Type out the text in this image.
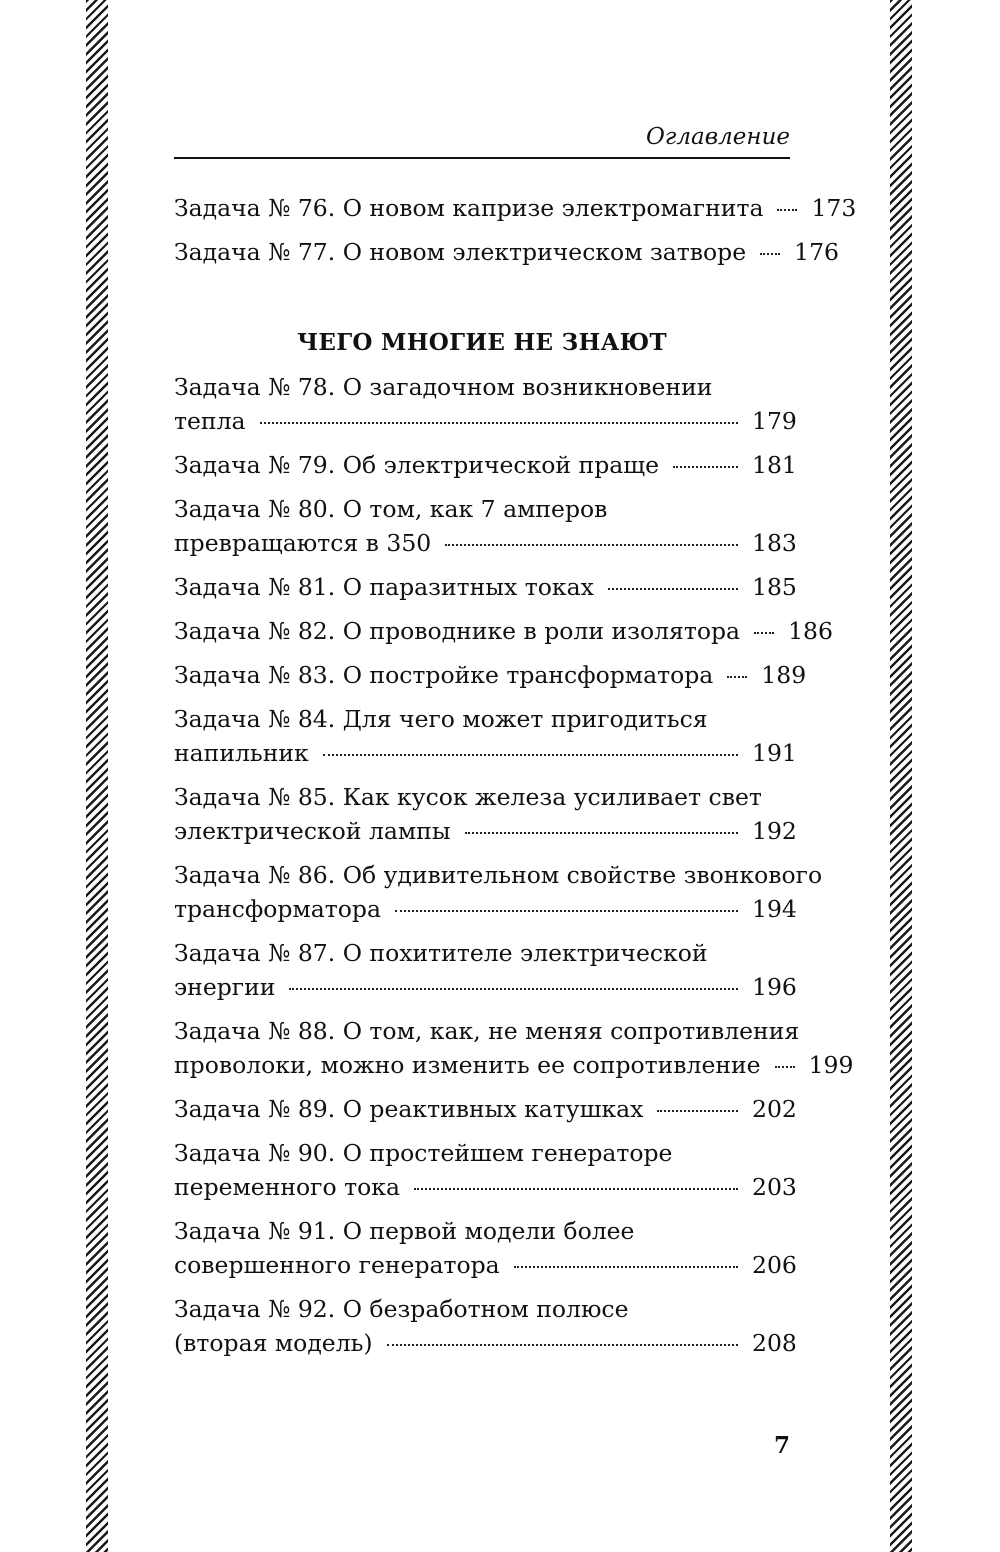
Оглавление
Задача № 76. О новом капризе электромагнита 173
Задача № 77. О новом электрическом затворе 176
ЧЕГО МНОГИЕ НЕ ЗНАЮТ
Задача № 78. О загадочном возникновении
тепла	179
Задача № 79. Об электрической праще	181
Задача № 80. О том, как 7 амперов
превращаются в 350	183
Задача № 81. О паразитных токах	185
Задача № 82. О проводнике в роли изолятора 186
Задача № 83. О постройке трансформатора 189
Задача № 84. Для чего может пригодиться
напильник	191
Задача № 85. Как кусок железа усиливает свет
электрической лампы	192
Задача № 86. Об удивительном свойстве звонкового
трансформатора	194
Задача № 87. О похитителе электрической
энергии	196
Задача № 88. О том, как, не меняя сопротивления
проволоки, можно изменить ее сопротивление 199
Задача № 89. О реактивных катушках	202
Задача № 90. О простейшем генераторе
переменного тока	203
Задача № 91. О первой модели более
совершенного генератора	206
Задача № 92. О безработном полюсе
(вторая модель)	208
7
